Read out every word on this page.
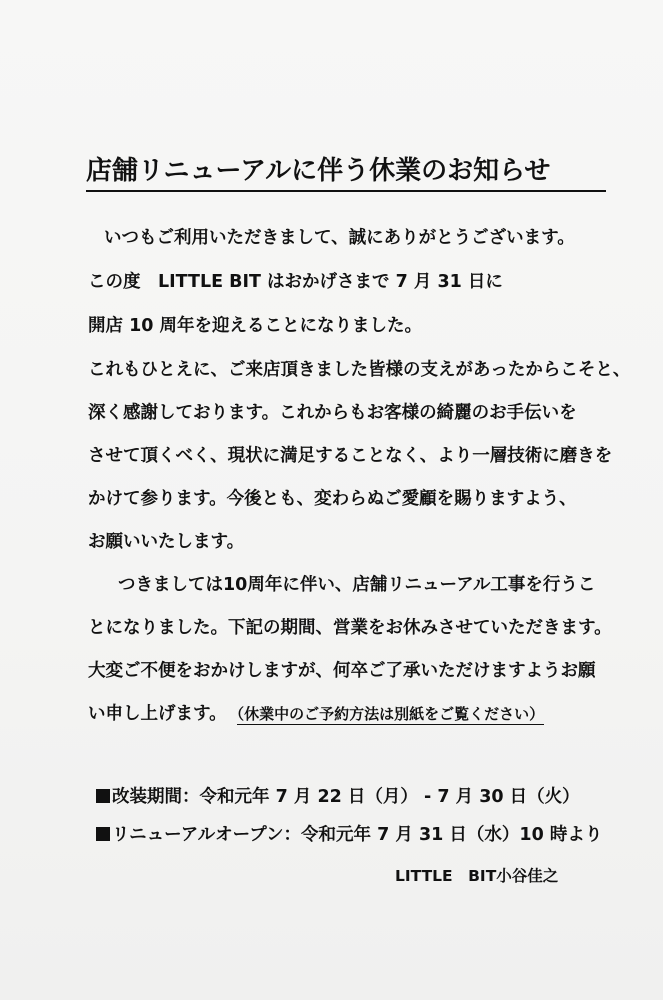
店舗リニューアルに伴う休業のお知らせ
いつもご利用いただきまして、誠にありがとうございます。
この度　LITTLE BIT はおかげさまで 7 月 31 日に
開店 10 周年を迎えることになりました。
これもひとえに、ご来店頂きました皆様の支えがあったからこそと、
深く感謝しております。これからもお客様の綺麗のお手伝いを
させて頂くべく、現状に満足することなく、より一層技術に磨きを
かけて参ります。今後とも、変わらぬご愛顧を賜りますよう、
お願いいたします。
つきましては10周年に伴い、店舗リニューアル工事を行うこ
とになりました。下記の期間、営業をお休みさせていただきます。
大変ご不便をおかけしますが、何卒ご了承いただけますようお願
い申し上げます。 （休業中のご予約方法は別紙をご覧ください）
改装期間：令和元年 7 月 22 日（月） - 7 月 30 日（火）
リニューアルオープン：令和元年 7 月 31 日（水）10 時より
LITTLE　BIT小谷佳之
